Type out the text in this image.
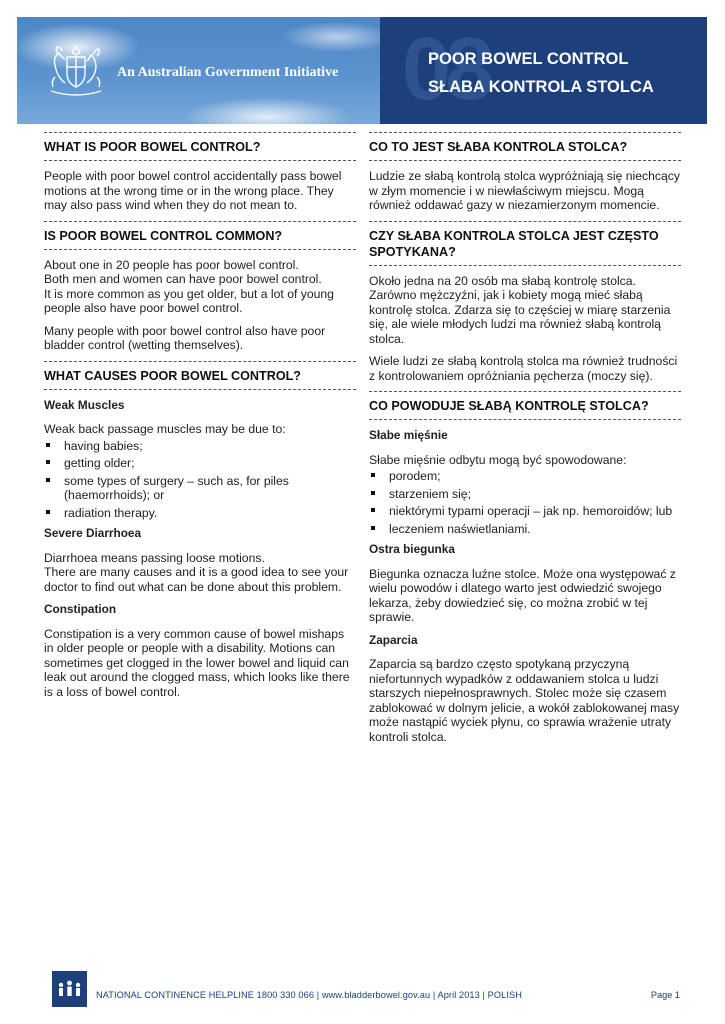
An Australian Government Initiative 08
POOR BOWEL CONTROL
SŁABA KONTROLA STOLCA
WHAT IS POOR BOWEL CONTROL?

People with poor bowel control accidentally pass bowel motions at the wrong time or in the wrong place. They may also pass wind when they do not mean to.

IS POOR BOWEL CONTROL COMMON?

About one in 20 people has poor bowel control.
Both men and women can have poor bowel control.
It is more common as you get older, but a lot of young people also have poor bowel control.

Many people with poor bowel control also have poor bladder control (wetting themselves).

WHAT CAUSES POOR BOWEL CONTROL?
Weak Muscles

Weak back passage muscles may be due to:

having babies;
getting older;
some types of surgery – such as, for piles (haemorrhoids); or
radiation therapy.
Severe Diarrhoea

Diarrhoea means passing loose motions.
There are many causes and it is a good idea to see your doctor to find out what can be done about this problem.

Constipation

Constipation is a very common cause of bowel mishaps in older people or people with a disability. Motions can sometimes get clogged in the lower bowel and liquid can leak out around the clogged mass, which looks like there is a loss of bowel control.

CO TO JEST SŁABA KONTROLA STOLCA?

Ludzie ze słabą kontrolą stolca wypróżniają się niechcący w złym momencie i w niewłaściwym miejscu. Mogą również oddawać gazy w niezamierzonym momencie.

CZY SŁABA KONTROLA STOLCA JEST CZĘSTO SPOTYKANA?

Około jedna na 20 osób ma słabą kontrolę stolca. Zarówno mężczyźni, jak i kobiety mogą mieć słabą kontrolę stolca. Zdarza się to częściej w miarę starzenia się, ale wiele młodych ludzi ma również słabą kontrolą stolca.

Wiele ludzi ze słabą kontrolą stolca ma również trudności z kontrolowaniem opróżniania pęcherza (moczy się).

CO POWODUJE SŁABĄ KONTROLĘ STOLCA?
Słabe mięśnie

Słabe mięśnie odbytu mogą być spowodowane:

porodem;
starzeniem się;
niektórymi typami operacji – jak np. hemoroidów; lub
leczeniem naświetlaniami.
Ostra biegunka

Biegunka oznacza luźne stolce. Może ona występować z wielu powodów i dlatego warto jest odwiedzić swojego lekarza, żeby dowiedzieć się, co można zrobić w tej sprawie.

Zaparcia

Zaparcia są bardzo często spotykaną przyczyną niefortunnych wypadków z oddawaniem stolca u ludzi starszych niepełnosprawnych. Stolec może się czasem zablokować w dolnym jelicie, a wokół zablokowanej masy może nastąpić wyciek płynu, co sprawia wrażenie utraty kontroli stolca.

NATIONAL CONTINENCE HELPLINE 1800 330 066 | www.bladderbowel.gov.au | April 2013 | POLISH	Page 1
